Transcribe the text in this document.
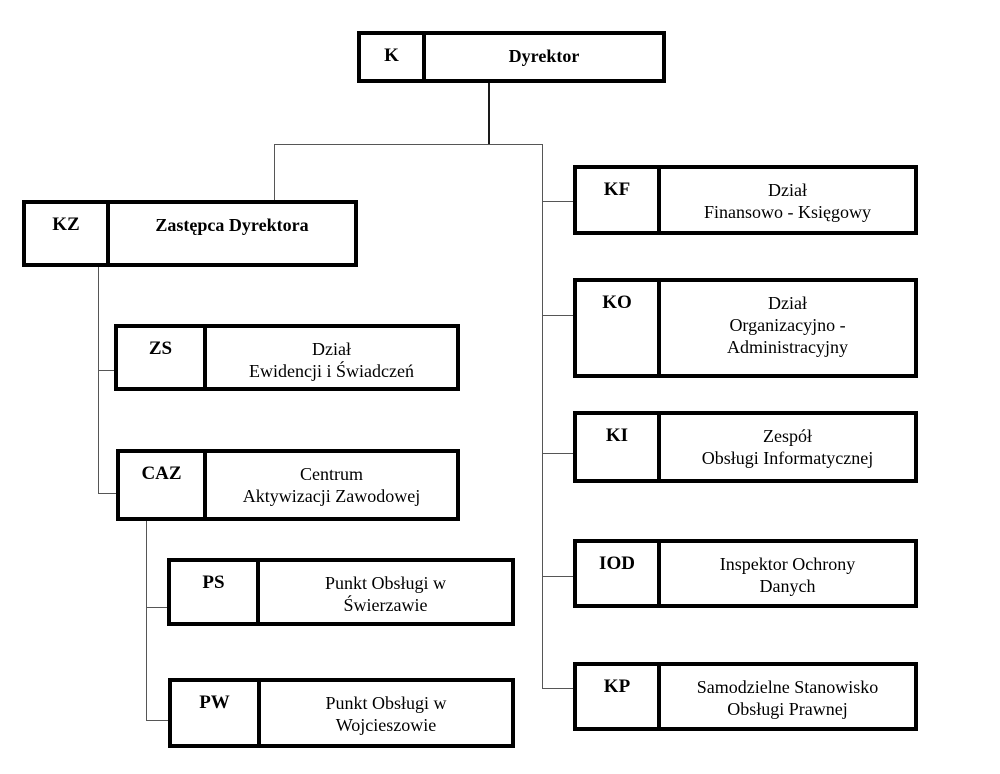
K	Dyrektor
KZ	Zastępca Dyrektora
ZS	Dział
Ewidencji i Świadczeń
CAZ	Centrum
Aktywizacji Zawodowej
PS	Punkt Obsługi w
Świerzawie
PW	Punkt Obsługi w
Wojcieszowie
KF	Dział
Finansowo - Księgowy
KO	Dział
Organizacyjno -
Administracyjny
KI	Zespół
Obsługi Informatycznej
IOD	Inspektor Ochrony
Danych
KP	Samodzielne Stanowisko
Obsługi Prawnej
